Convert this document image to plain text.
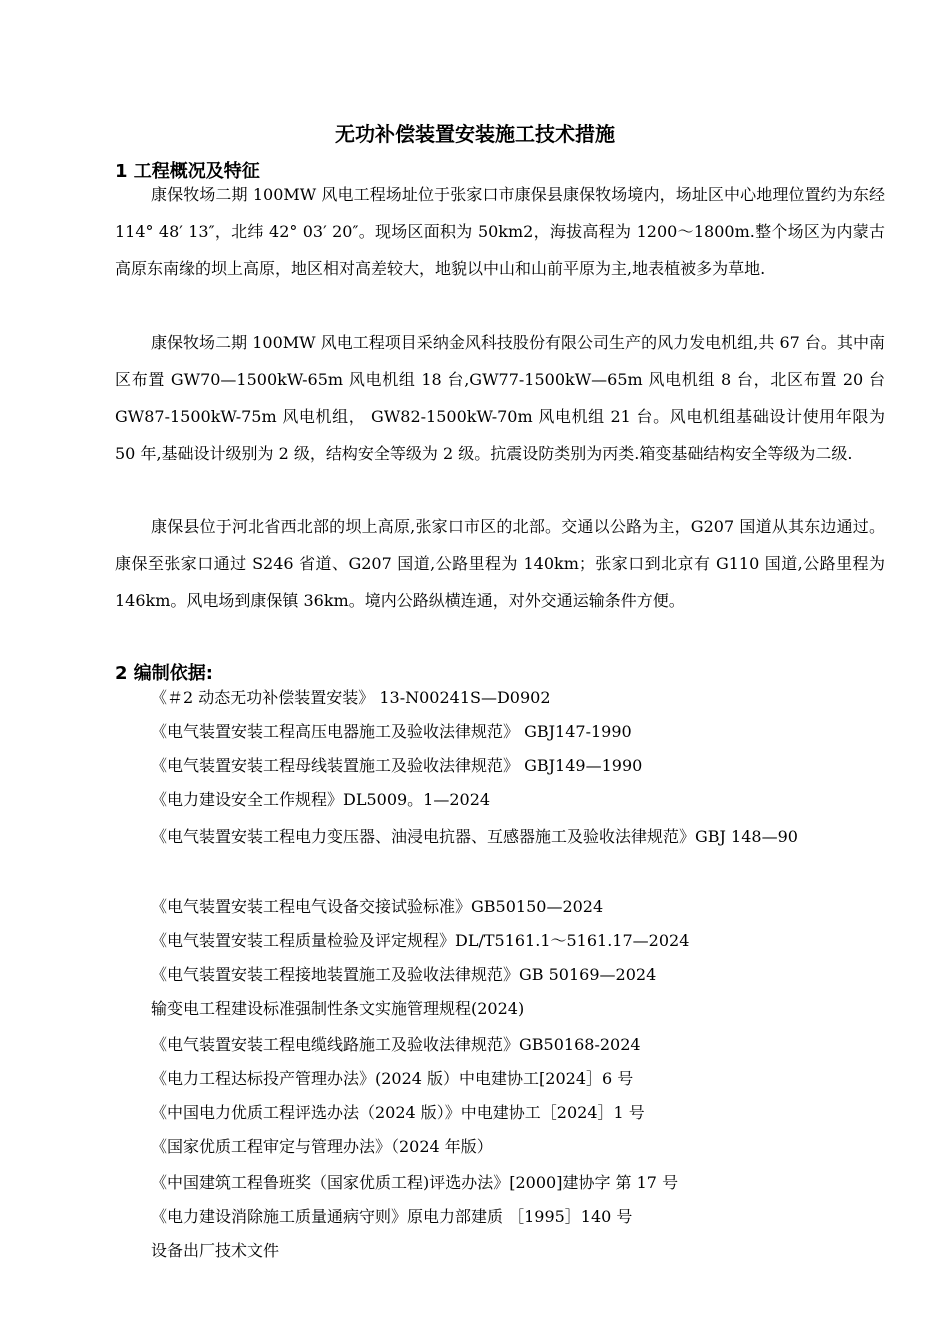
无功补偿装置安装施工技术措施
1 工程概况及特征

康保牧场二期 100MW 风电工程场址位于张家口市康保县康保牧场境内，场址区中心地理位置约为东经 114° 48′ 13″，北纬 42° 03′ 20″。现场区面积为 50km2，海拔高程为 1200～1800m.整个场区为内蒙古高原东南缘的坝上高原，地区相对高差较大，地貌以中山和山前平原为主,地表植被多为草地.

康保牧场二期 100MW 风电工程项目采纳金风科技股份有限公司生产的风力发电机组,共 67 台。其中南区布置 GW70—1500kW-65m 风电机组 18 台,GW77-1500kW—65m 风电机组 8 台，北区布置 20 台 GW87-1500kW-75m 风电机组， GW82-1500kW-70m 风电机组 21 台。风电机组基础设计使用年限为 50 年,基础设计级别为 2 级，结构安全等级为 2 级。抗震设防类别为丙类.箱变基础结构安全等级为二级.

康保县位于河北省西北部的坝上高原,张家口市区的北部。交通以公路为主，G207 国道从其东边通过。康保至张家口通过 S246 省道、G207 国道,公路里程为 140km；张家口到北京有 G110 国道,公路里程为 146km。风电场到康保镇 36km。境内公路纵横连通，对外交通运输条件方便。

2 编制依据:

《＃2 动态无功补偿装置安装》 13-N00241S—D0902

《电气装置安装工程高压电器施工及验收法律规范》 GBJ147-1990

《电气装置安装工程母线装置施工及验收法律规范》 GBJ149—1990

《电力建设安全工作规程》DL5009。1—2024

《电气装置安装工程电力变压器、油浸电抗器、互感器施工及验收法律规范》GBJ 148—90

《电气装置安装工程电气设备交接试验标准》GB50150—2024

《电气装置安装工程质量检验及评定规程》DL/T5161.1～5161.17—2024

《电气装置安装工程接地装置施工及验收法律规范》GB 50169—2024

输变电工程建设标准强制性条文实施管理规程(2024)

《电气装置安装工程电缆线路施工及验收法律规范》GB50168-2024

《电力工程达标投产管理办法》(2024 版）中电建协工[2024］6 号

《中国电力优质工程评选办法（2024 版）》中电建协工［2024］1 号

《国家优质工程审定与管理办法》（2024 年版）

《中国建筑工程鲁班奖（国家优质工程)评选办法》[2000]建协字 第 17 号

《电力建设消除施工质量通病守则》原电力部建质 ［1995］140 号

设备出厂技术文件
